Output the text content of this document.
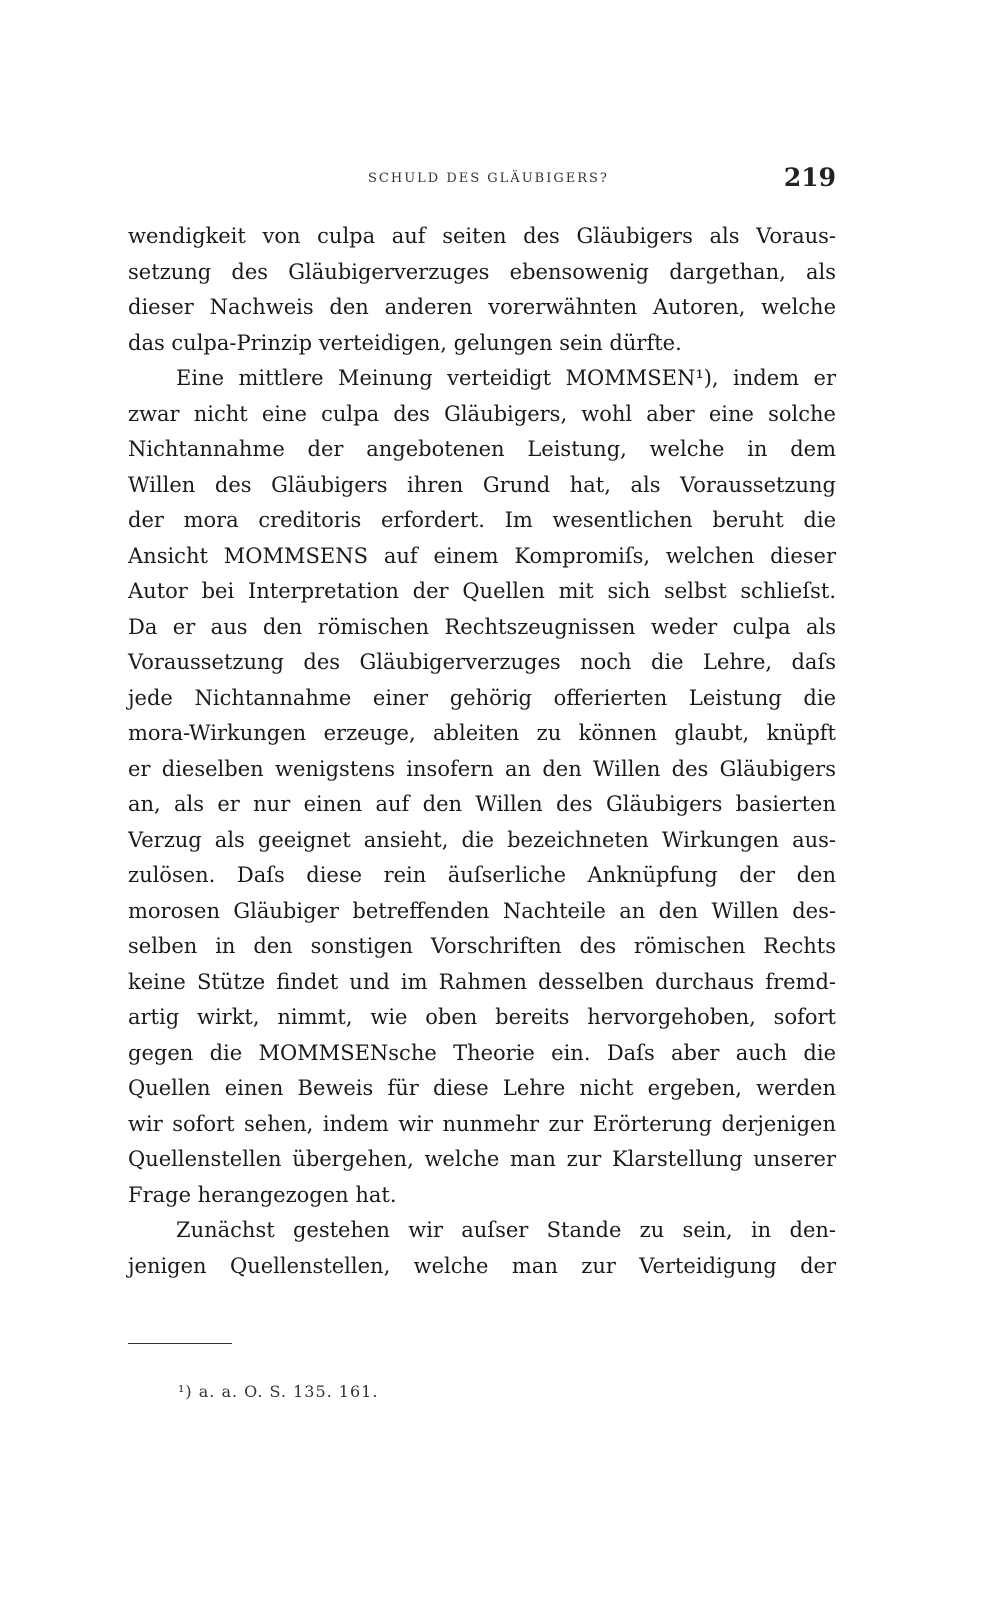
SCHULD DES GLÄUBIGERS?	219
wendigkeit von culpa auf seiten des Gläubigers als Voraus-
setzung des Gläubigerverzuges ebensowenig dargethan, als
dieser Nachweis den anderen vorerwähnten Autoren, welche
das culpa-Prinzip verteidigen, gelungen sein dürfte.
Eine mittlere Meinung verteidigt MOMMSEN¹), indem er
zwar nicht eine culpa des Gläubigers, wohl aber eine solche
Nichtannahme der angebotenen Leistung, welche in dem
Willen des Gläubigers ihren Grund hat, als Voraussetzung
der mora creditoris erfordert. Im wesentlichen beruht die
Ansicht MOMMSENS auf einem Kompromiſs, welchen dieser
Autor bei Interpretation der Quellen mit sich selbst schlieſst.
Da er aus den römischen Rechtszeugnissen weder culpa als
Voraussetzung des Gläubigerverzuges noch die Lehre, daſs
jede Nichtannahme einer gehörig offerierten Leistung die
mora-Wirkungen erzeuge, ableiten zu können glaubt, knüpft
er dieselben wenigstens insofern an den Willen des Gläubigers
an, als er nur einen auf den Willen des Gläubigers basierten
Verzug als geeignet ansieht, die bezeichneten Wirkungen aus-
zulösen. Daſs diese rein äuſserliche Anknüpfung der den
morosen Gläubiger betreffenden Nachteile an den Willen des-
selben in den sonstigen Vorschriften des römischen Rechts
keine Stütze findet und im Rahmen desselben durchaus fremd-
artig wirkt, nimmt, wie oben bereits hervorgehoben, sofort
gegen die MOMMSENsche Theorie ein. Daſs aber auch die
Quellen einen Beweis für diese Lehre nicht ergeben, werden
wir sofort sehen, indem wir nunmehr zur Erörterung derjenigen
Quellenstellen übergehen, welche man zur Klarstellung unserer
Frage herangezogen hat.
Zunächst gestehen wir auſser Stande zu sein, in den-
jenigen Quellenstellen, welche man zur Verteidigung der
¹) a. a. O. S. 135. 161.
